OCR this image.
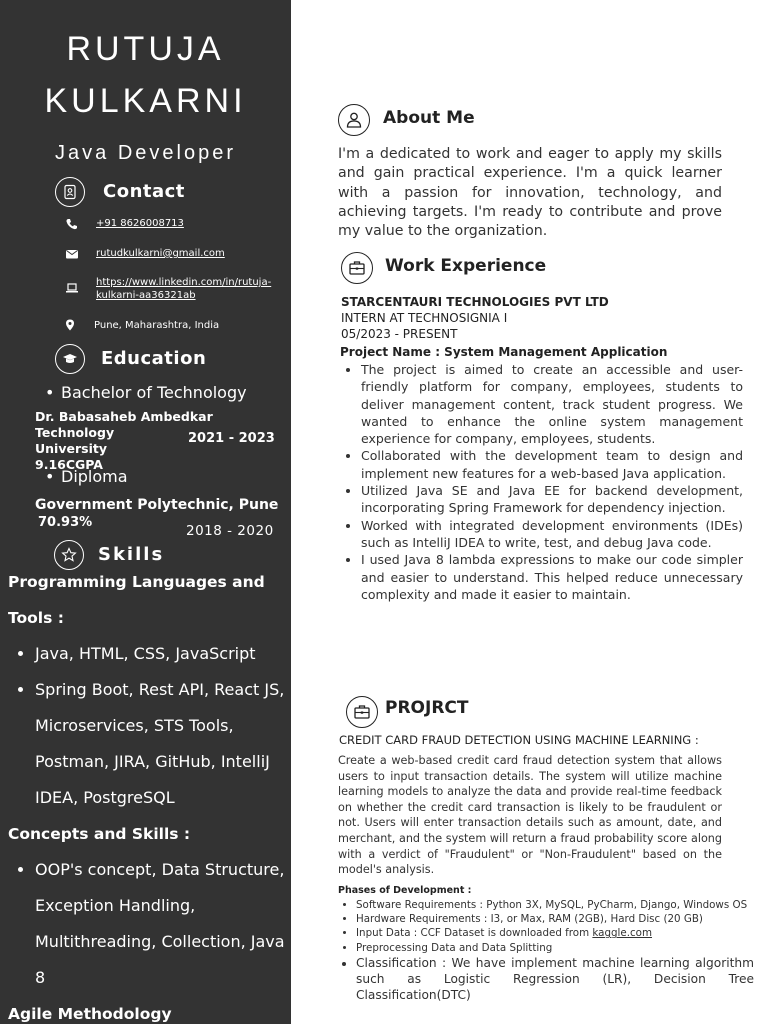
RUTUJA
KULKARNI
Java Developer
Contact
+91 8626008713
rutudkulkarni@gmail.com
https://www.linkedin.com/in/rutuja-
kulkarni-aa36321ab
Pune, Maharashtra, India
Education
• Bachelor of Technology
Dr. Babasaheb Ambedkar Technology
University
9.16CGPA
2021 - 2023
• Diploma
Government Polytechnic, Pune
70.93%
2018 - 2020
Skills
Programming Languages and
Tools :
• Java, HTML, CSS, JavaScript
• Spring Boot, Rest API, React JS, Microservices, STS Tools, Postman, JIRA, GitHub, IntelliJ IDEA, PostgreSQL
Concepts and Skills :
• OOP's concept, Data Structure, Exception Handling, Multithreading, Collection, Java 8
Agile Methodology
About Me
I'm a dedicated to work and eager to apply my skills and gain practical experience. I'm a quick learner with a passion for innovation, technology, and achieving targets. I'm ready to contribute and prove my value to the organization.
Work Experience
STARCENTAURI TECHNOLOGIES PVT LTD
INTERN AT TECHNOSIGNIA I
05/2023 - PRESENT
Project Name : System Management Application
• The project is aimed to create an accessible and user-friendly platform for company, employees, students to deliver management content, track student progress. We wanted to enhance the online system management experience for company, employees, students.
• Collaborated with the development team to design and implement new features for a web-based Java application.
• Utilized Java SE and Java EE for backend development, incorporating Spring Framework for dependency injection.
• Worked with integrated development environments (IDEs) such as IntelliJ IDEA to write, test, and debug Java code.
• I used Java 8 lambda expressions to make our code simpler and easier to understand. This helped reduce unnecessary complexity and made it easier to maintain.
PROJRCT
CREDIT CARD FRAUD DETECTION USING MACHINE LEARNING :
Create a web-based credit card fraud detection system that allows users to input transaction details. The system will utilize machine learning models to analyze the data and provide real-time feedback on whether the credit card transaction is likely to be fraudulent or not. Users will enter transaction details such as amount, date, and merchant, and the system will return a fraud probability score along with a verdict of "Fraudulent" or "Non-Fraudulent" based on the model's analysis.
Phases of Development :
• Software Requirements : Python 3X, MySQL, PyCharm, Django, Windows OS
• Hardware Requirements : I3, or Max, RAM (2GB), Hard Disc (20 GB)
• Input Data : CCF Dataset is downloaded from kaggle.com
• Preprocessing Data and Data Splitting
• Classification : We have implement machine learning algorithm such as Logistic Regression (LR), Decision Tree Classification(DTC)
